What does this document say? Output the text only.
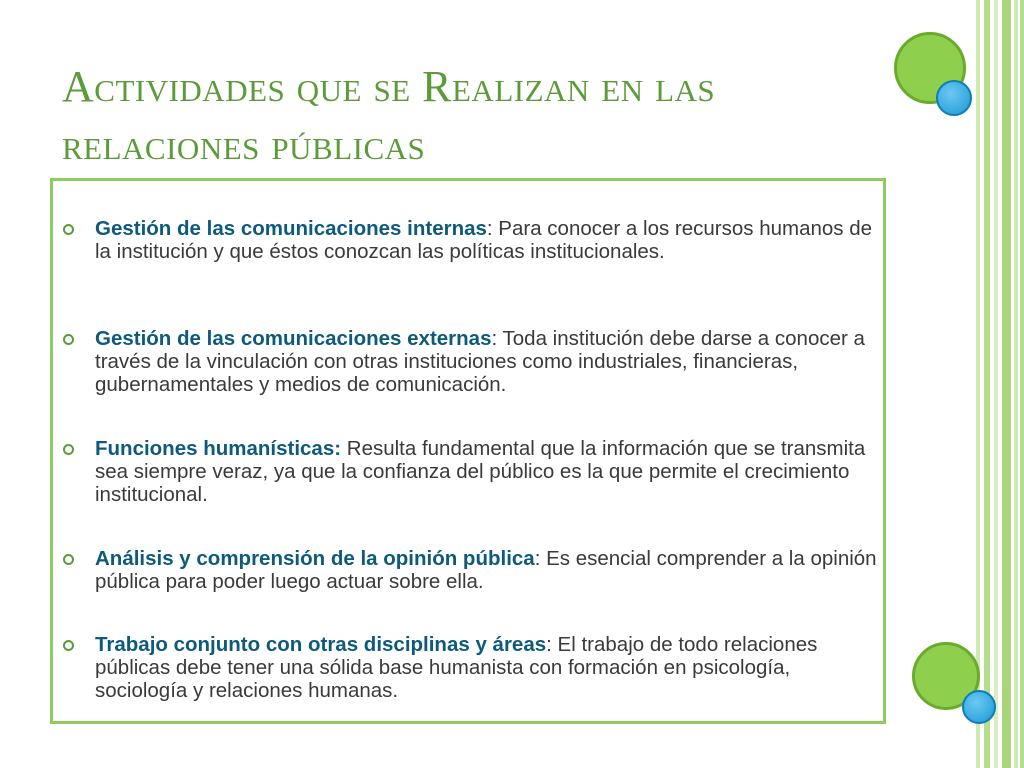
Actividades que se Realizan en las relaciones públicas
Gestión de las comunicaciones internas: Para conocer a los recursos humanos de la institución y que éstos conozcan las políticas institucionales.
Gestión de las comunicaciones externas: Toda institución debe darse a conocer a través de la vinculación con otras instituciones como industriales, financieras, gubernamentales y medios de comunicación.
Funciones humanísticas: Resulta fundamental que la información que se transmita sea siempre veraz, ya que la confianza del público es la que permite el crecimiento institucional.
Análisis y comprensión de la opinión pública: Es esencial comprender a la opinión pública para poder luego actuar sobre ella.
Trabajo conjunto con otras disciplinas y áreas: El trabajo de todo relaciones públicas debe tener una sólida base humanista con formación en psicología, sociología y relaciones humanas.
